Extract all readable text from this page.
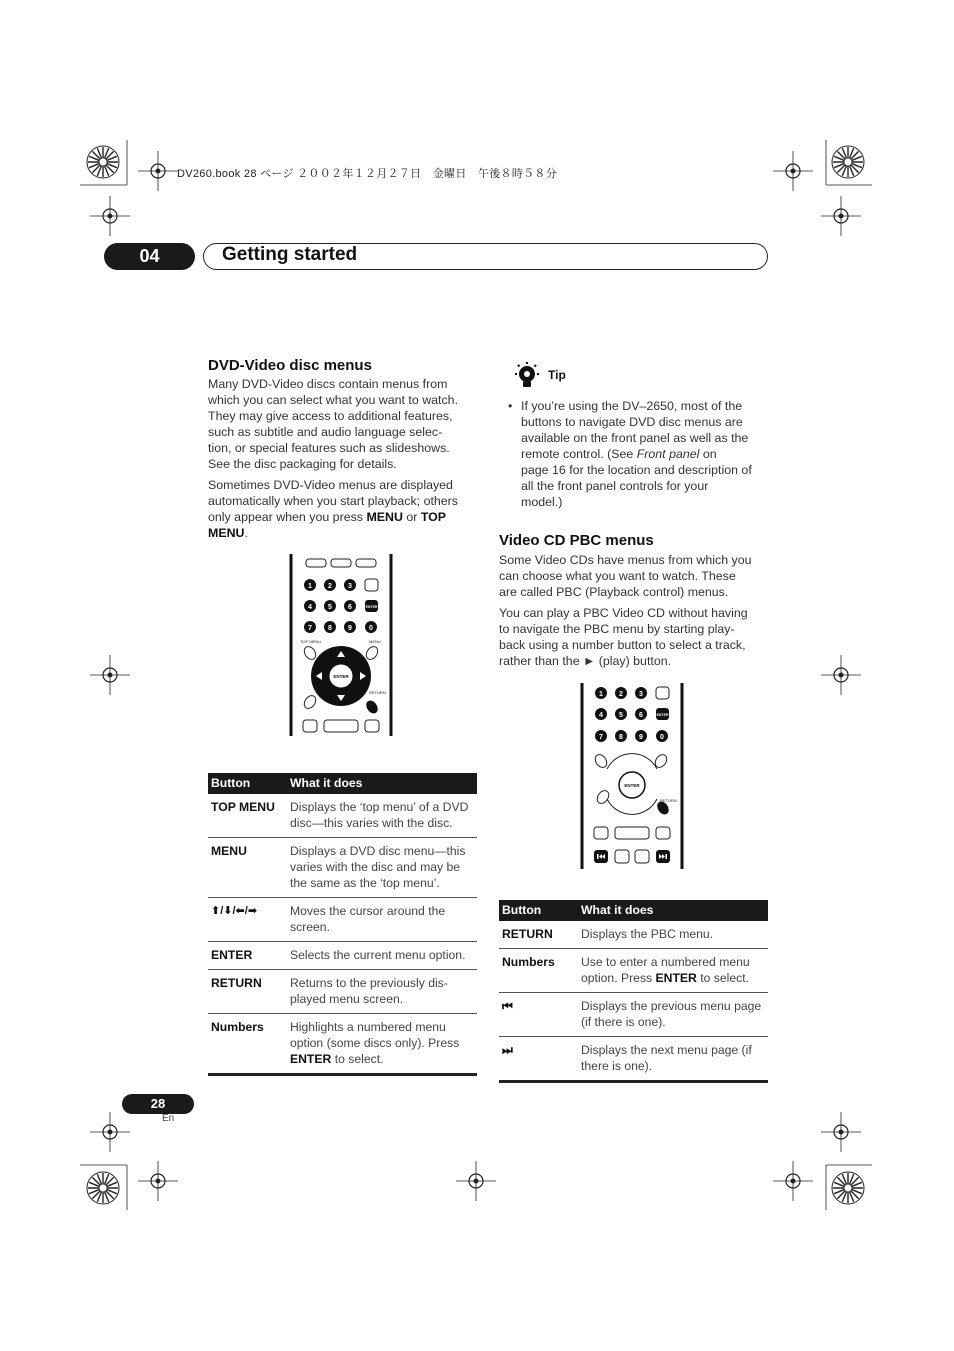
DV260.book 28 ページ ２００２年１２月２７日　金曜日　午後８時５８分
04	Getting started
DVD-Video disc menus
Many DVD-Video discs contain menus from
which you can select what you want to watch.
They may give access to additional features,
such as subtitle and audio language selec-
tion, or special features such as slideshows.
See the disc packaging for details.
Sometimes DVD-Video menus are displayed
automatically when you start playback; others
only appear when you press MENU or TOP
MENU.
1 2 3
4 5 6
7 8 9 0
ENTER
TOP MENU	MENU
ENTER
RETURN
Button	What it does
TOP MENU	Displays the ‘top menu’ of a DVD
disc—this varies with the disc.

MENU	Displays a DVD disc menu—this
varies with the disc and may be
the same as the ‘top menu’.

⬆/⬇/⬅/➡	Moves the cursor around the
screen.

ENTER	Selects the current menu option.

RETURN	Returns to the previously dis-
played menu screen.

Numbers	Highlights a numbered menu
option (some discs only). Press
ENTER to select.
Tip
• If you’re using the DV–2650, most of the
buttons to navigate DVD disc menus are
available on the front panel as well as the
remote control. (See Front panel on
page 16 for the location and description of
all the front panel controls for your
model.)
Video CD PBC menus
Some Video CDs have menus from which you
can choose what you want to watch. These
are called PBC (Playback control) menus.
You can play a PBC Video CD without having
to navigate the PBC menu by starting play-
back using a number button to select a track,
rather than the ► (play) button.
1 2 3
4 5 6
7 8 9 0
ENTER
ENTER
RETURN
Button	What it does
RETURN	Displays the PBC menu.

Numbers	Use to enter a numbered menu
option. Press ENTER to select.

⏮	Displays the previous menu page
(if there is one).

⏭	Displays the next menu page (if
there is one).
28
En
